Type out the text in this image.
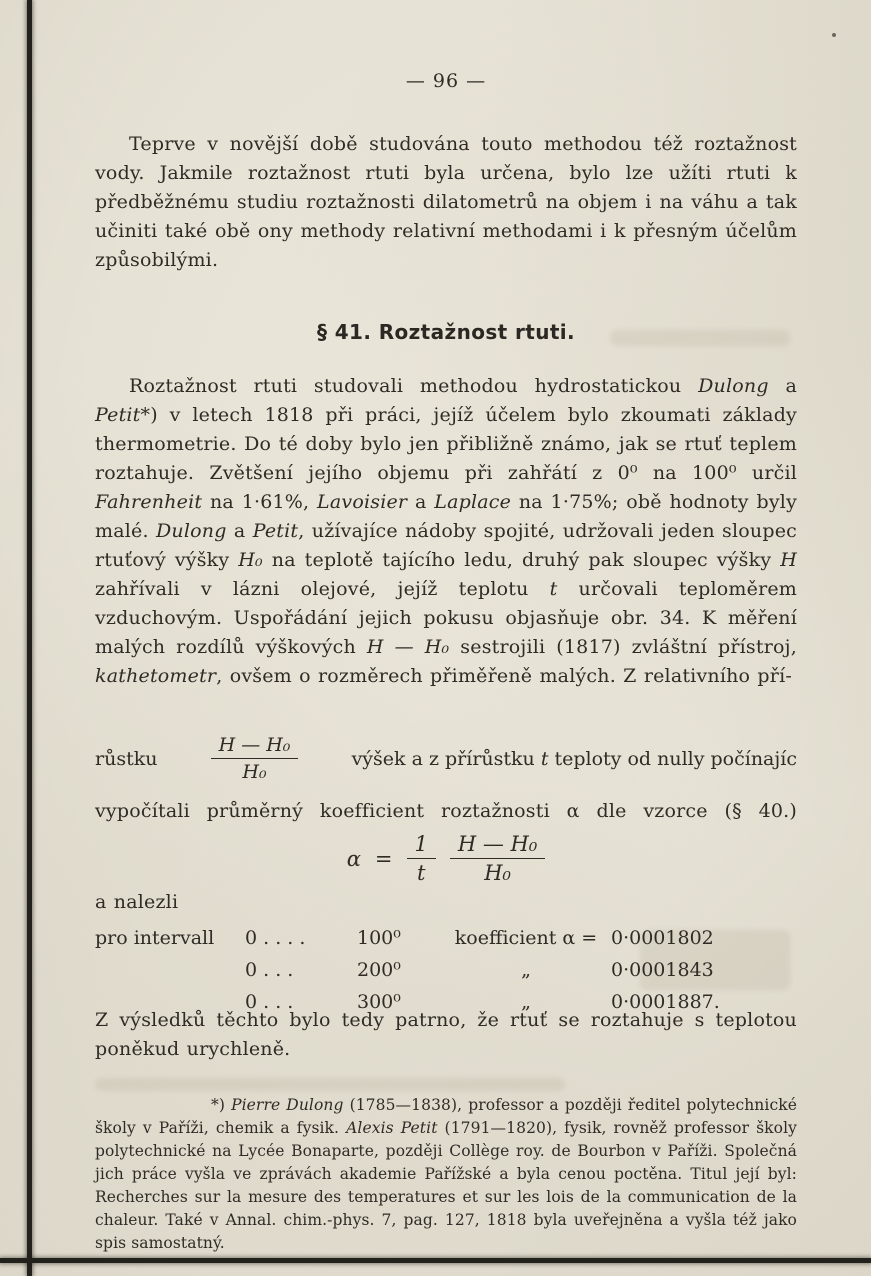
— 96 —

Teprve v novější době studována touto methodou též roztažnost vody. Jakmile roztažnost rtuti byla určena, bylo lze užíti rtuti k předběžnému studiu roztažnosti dilatometrů na objem i na váhu a tak učiniti také obě ony methody relativní methodami i k přesným účelům způsobilými.

§ 41. Roztažnost rtuti.

Roztažnost rtuti studovali methodou hydrostatickou Dulong a Petit*) v letech 1818 při práci, jejíž účelem bylo zkoumati základy thermometrie. Do té doby bylo jen přibližně známo, jak se rtuť teplem roztahuje. Zvětšení jejího objemu při zahřátí z 0⁰ na 100⁰ určil Fahrenheit na 1·61%, Lavoisier a Laplace na 1·75%; obě hodnoty byly malé. Dulong a Petit, užívajíce nádoby spojité, udržovali jeden sloupec rtuťový výšky H₀ na teplotě tajícího ledu, druhý pak sloupec výšky H zahřívali v lázni olejové, jejíž teplotu t určovali teploměrem vzduchovým. Uspořádání jejich pokusu objasňuje obr. 34. K měření malých rozdílů výškových H — H₀ sestrojili (1817) zvláštní přístroj, kathetometr, ovšem o rozměrech přiměřeně malých. Z relativního pří-

růstku	$\frac{\text{H — H₀}}{\text{H₀}}$	výšek a z přírůstku t teploty od nully počínajíc

vypočítali průměrný koefficient roztažnosti α dle vzorce (§ 40.)

$\alpha = \frac{1}{t} \frac{\text{H — H₀}}{\text{H₀}}$

a nalezli

pro intervall	0 . . . .	100⁰	koefficient α = 0·0001802
0 . . .	200⁰	„	0·0001843
0 . . .	300⁰	„	0·0001887.

Z výsledků těchto bylo tedy patrno, že rtuť se roztahuje s teplotou poněkud urychleně.

*) Pierre Dulong (1785—1838), professor a později ředitel polytechnické školy v Paříži, chemik a fysik. Alexis Petit (1791—1820), fysik, rovněž professor školy polytechnické na Lycée Bonaparte, později Collège roy. de Bourbon v Paříži. Společná jich práce vyšla ve zprávách akademie Pařížské a byla cenou poctěna. Titul její byl: Recherches sur la mesure des temperatures et sur les lois de la communication de la chaleur. Také v Annal. chim.-phys. 7, pag. 127, 1818 byla uveřejněna a vyšla též jako spis samostatný.
